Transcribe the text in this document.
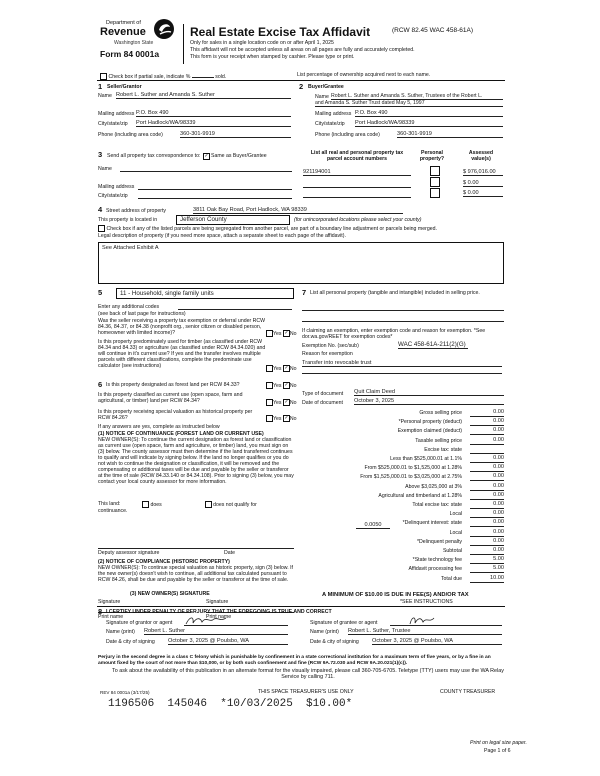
Department of
Revenue
Washington State
Form 84 0001a
Real Estate Excise Tax Affidavit	(RCW 82.45 WAC 458-61A)
Only for sales in a single location code on or after April 1, 2025
This affidavit will not be accepted unless all areas on all pages are fully and accurately completed.
This form is your receipt when stamped by cashier. Please type or print.
Check box if partial sale, indicate %	sold.	List percentage of ownership acquired next to each name.
1 Seller/Grantor
Name Robert L. Suther and Amanda S. Suther
Mailing address P.O. Box 490
City/state/zip Port Hadlock/WA/98339
Phone (including area code)	360-301-9919
2 Buyer/Grantee
Name Robert L. Suther and Amanda S. Suther, Trustees of the Robert L.
and Amanda S. Suther Trust dated May 5, 1997
Mailing address P.O. Box 490
City/state/zip Port Hadlock/WA/98339
Phone (including area code)	360-301-9919
3 Send all property tax correspondence to: ✓ Same as Buyer/Grantee
Name
Mailing address
City/state/zip
List all real and personal property tax parcel account numbers
Personal property?
Assessed value(s)
921194001	$ 976,016.00
$ 0.00
$ 0.00
4 Street address of property	3811 Oak Bay Road, Port Hadlock, WA 98339
This property is located in	Jefferson County	(for unincorporated locations please select your county)
Check box if any of the listed parcels are being segregated from another parcel, are part of a boundary line adjustment or parcels being merged.
Legal description of property (if you need more space, attach a separate sheet to each page of the affidavit).
See Attached Exhibit A
5	11 - Household, single family units
Enter any additional codes
(see back of last page for instructions)
Was the seller receiving a property tax exemption or deferral under RCW 84.36, 84.37, or 84.38 (nonprofit org., senior citizen or disabled person, homeowner with limited income)?	Yes ✓No
Is this property predominately used for timber (as classified under RCW 84.34 and 84.33) or agriculture (as classified under RCW 84.34.020) and will continue in it's current use? If yes and the transfer involves multiple parcels with different classifications, complete the predominate use calculator (see instructions)	Yes ✓No
6 Is this property designated as forest land per RCW 84.33?	Yes ✓No
Is this property classified as current use (open space, farm and agricultural, or timber) land per RCW 84.34?	Yes ✓No
Is this property receiving special valuation as historical property per RCW 84.26?	Yes ✓No
If any answers are yes, complete as instructed below
(1) NOTICE OF CONTINUANCE (FOREST LAND OR CURRENT USE)
NEW OWNER(S): To continue the current designation as forest land or classification as current use (open space, farm and agriculture, or timber) land, you must sign on (3) below. The county assessor must then determine if the land transferred continues to qualify and will indicate by signing below. If the land no longer qualifies or you do not wish to continue the designation or classification, it will be removed and the compensating or additional taxes will be due and payable by the seller or transferor at the time of sale (RCW 84.33.140 or 84.34.108). Prior to signing (3) below, you may contact your local county assessor for more information.
This land:	does	does not qualify for
continuance.
Deputy assessor signature	Date
(2) NOTICE OF COMPLIANCE (HISTORIC PROPERTY)
NEW OWNER(S): To continue special valuation as historic property, sign (3) below. If the new owner(s) doesn't wish to continue, all additional tax calculated pursuant to RCW 84.26, shall be due and payable by the seller or transferor at the time of sale.
(3) NEW OWNER(S) SIGNATURE
Signature	Signature
Print name	Print name
7 List all personal property (tangible and intangible) included in selling price.
If claiming an exemption, enter exemption code and reason for exemption. *See dor.wa.gov/REET for exemption codes*
Exemption No. (sec/sub)	WAC 458-61A-211(2)(G)
Reason for exemption
Transfer into revocable trust
Type of document Quit Claim Deed
Date of document October 3, 2025
Gross selling price	0.00
*Personal property (deduct)	0.00
Exemption claimed (deduct)	0.00
Taxable selling price	0.00
Excise tax: state
Less than $525,000.01 at 1.1%	0.00
From $525,000.01 to $1,525,000 at 1.28%	0.00
From $1,525,000.01 to $3,025,000 at 2.75%	0.00
Above $3,025,000 at 3%	0.00
Agricultural and timberland at 1.28%	0.00
Total excise tax: state	0.00
Local	0.00
*Delinquent interest: state	0.00
Local	0.00
*Delinquent penalty	0.00
Subtotal	0.00
*State technology fee	5.00
Affidavit processing fee	5.00
Total due	10.00
0.0050
A MINIMUM OF $10.00 IS DUE IN FEE(S) AND/OR TAX
*SEE INSTRUCTIONS
8 I CERTIFY UNDER PENALTY OF PERJURY THAT THE FOREGOING IS TRUE AND CORRECT
Signature of grantor or agent
Name (print) Robert L. Suther
Date & city of signing October 3, 2025 @ Poulsbo, WA
Signature of grantee or agent
Name (print) Robert L. Suther, Trustee
Date & city of signing October 3, 2025 @ Poulsbo, WA
Perjury in the second degree is a class C felony which is punishable by confinement in a state correctional institution for a maximum term of five years, or by a fine in an amount fixed by the court of not more than $10,000, or by both such confinement and fine (RCW 9A.72.030 and RCW 9A.20.021(1)(c)).
To ask about the availability of this publication in an alternate format for the visually impaired, please call 360-705-6705. Teletype (TTY) users may use the WA Relay Service by calling 711.
REV 84 0001a (3/17/25)	THIS SPACE TREASURER'S USE ONLY	COUNTY TREASURER
1196506  145046  *10/03/2025  $10.00*
Print on legal size paper.
Page 1 of 6
